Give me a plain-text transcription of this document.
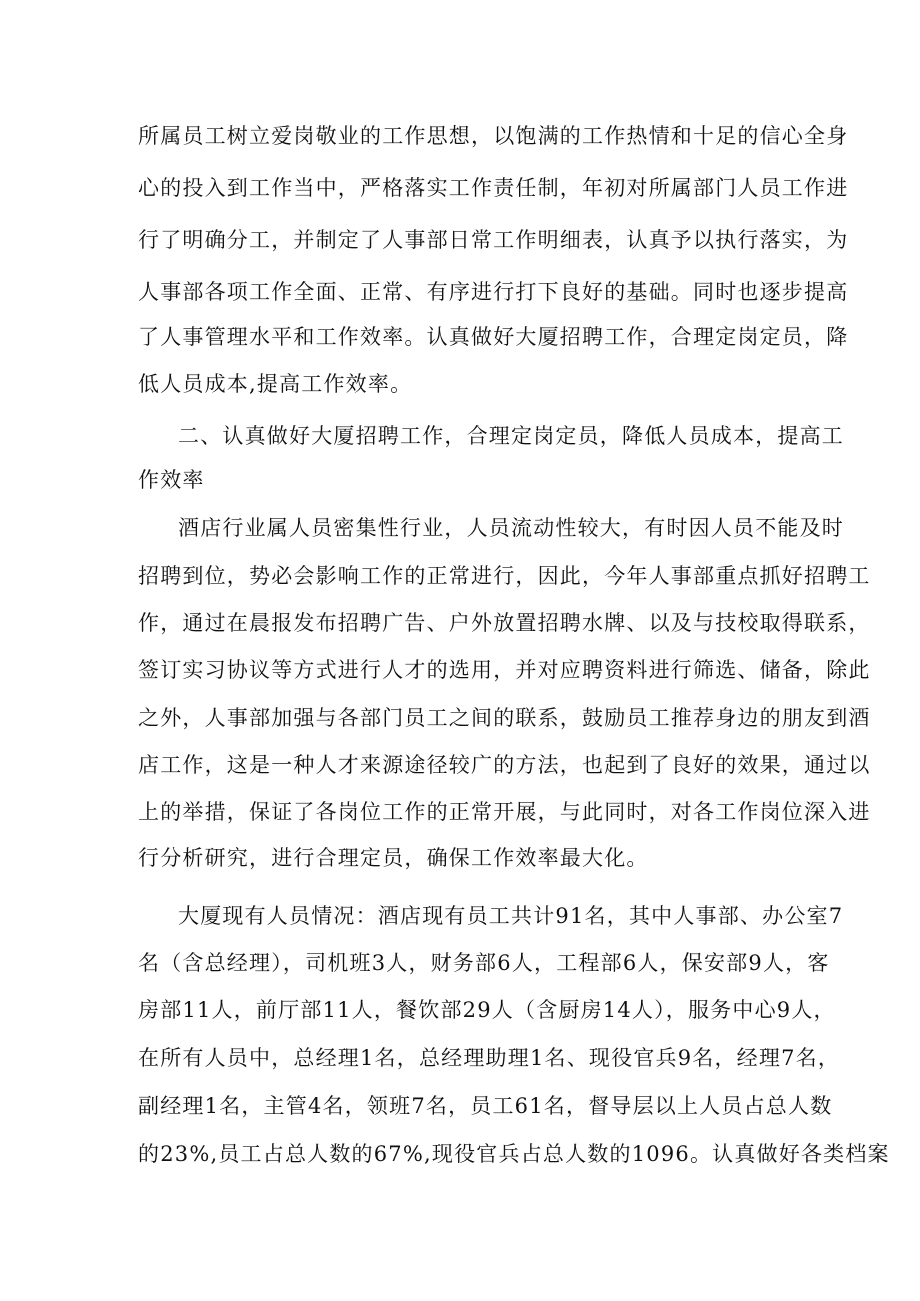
所属员工树立爱岗敬业的工作思想，以饱满的工作热情和十足的信心全身
心的投入到工作当中，严格落实工作责任制，年初对所属部门人员工作进
行了明确分工，并制定了人事部日常工作明细表，认真予以执行落实，为
人事部各项工作全面、正常、有序进行打下良好的基础。同时也逐步提高
了人事管理水平和工作效率。认真做好大厦招聘工作，合理定岗定员，降
低人员成本,提高工作效率。
二、认真做好大厦招聘工作，合理定岗定员，降低人员成本，提高工
作效率
酒店行业属人员密集性行业，人员流动性较大，有时因人员不能及时
招聘到位，势必会影响工作的正常进行，因此，今年人事部重点抓好招聘工
作，通过在晨报发布招聘广告、户外放置招聘水牌、以及与技校取得联系，
签订实习协议等方式进行人才的选用，并对应聘资料进行筛选、储备，除此
之外，人事部加强与各部门员工之间的联系，鼓励员工推荐身边的朋友到酒
店工作，这是一种人才来源途径较广的方法，也起到了良好的效果，通过以
上的举措，保证了各岗位工作的正常开展，与此同时，对各工作岗位深入进
行分析研究，进行合理定员，确保工作效率最大化。
大厦现有人员情况：酒店现有员工共计91名，其中人事部、办公室7
名（含总经理），司机班3人，财务部6人，工程部6人，保安部9人，客
房部11人，前厅部11人，餐饮部29人（含厨房14人），服务中心9人，
在所有人员中，总经理1名，总经理助理1名、现役官兵9名，经理7名，
副经理1名，主管4名，领班7名，员工61名，督导层以上人员占总人数
的23%,员工占总人数的67%,现役官兵占总人数的1096。认真做好各类档案
